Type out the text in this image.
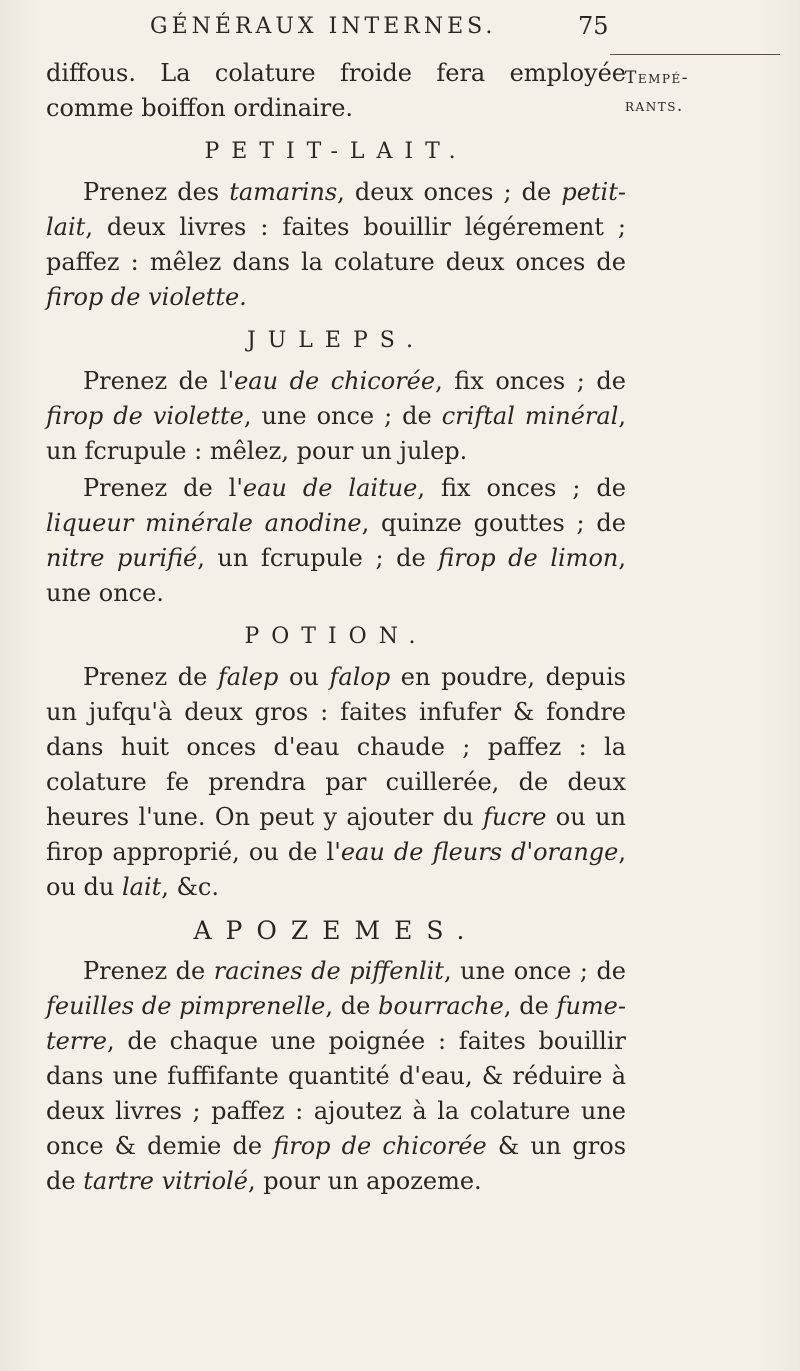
GÉNÉRAUX INTERNES.	75
Tempé-
rants.

diffous. La colature froide fera employée comme boiffon ordinaire.

PETIT-LAIT.

Prenez des tamarins, deux onces ; de petit-lait, deux livres : faites bouillir légérement ; paffez : mêlez dans la colature deux onces de firop de violette.

JULEPS.

Prenez de l'eau de chicorée, fix onces ; de firop de violette, une once ; de criftal minéral, un fcrupule : mêlez, pour un julep.

Prenez de l'eau de laitue, fix onces ; de liqueur minérale anodine, quinze gouttes ; de nitre purifié, un fcrupule ; de firop de limon, une once.

POTION.

Prenez de falep ou falop en poudre, depuis un jufqu'à deux gros : faites infufer & fondre dans huit onces d'eau chaude ; paffez : la colature fe prendra par cuillerée, de deux heures l'une. On peut y ajouter du fucre ou un firop approprié, ou de l'eau de fleurs d'orange, ou du lait, &c.

APOZEMES.

Prenez de racines de piffenlit, une once ; de feuilles de pimprenelle, de bourrache, de fume-terre, de chaque une poignée : faites bouillir dans une fuffifante quantité d'eau, & réduire à deux livres ; paffez : ajoutez à la colature une once & demie de firop de chicorée & un gros de tartre vitriolé, pour un apozeme.
